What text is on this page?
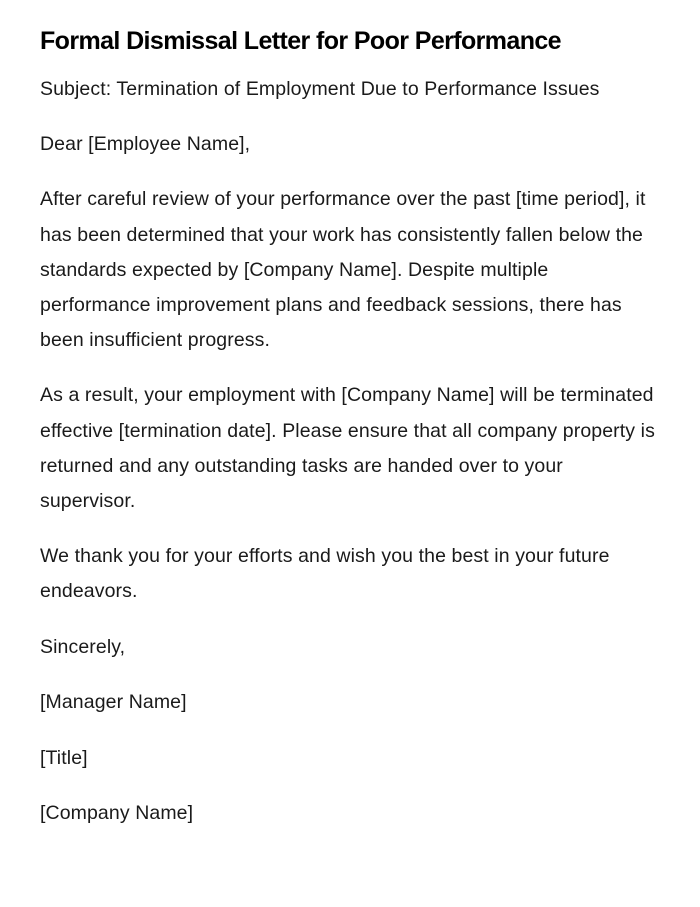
Formal Dismissal Letter for Poor Performance

Subject: Termination of Employment Due to Performance Issues

Dear [Employee Name],

After careful review of your performance over the past [time period], it has been determined that your work has consistently fallen below the standards expected by [Company Name]. Despite multiple performance improvement plans and feedback sessions, there has been insufficient progress.

As a result, your employment with [Company Name] will be terminated effective [termination date]. Please ensure that all company property is returned and any outstanding tasks are handed over to your supervisor.

We thank you for your efforts and wish you the best in your future endeavors.

Sincerely,

[Manager Name]

[Title]

[Company Name]
